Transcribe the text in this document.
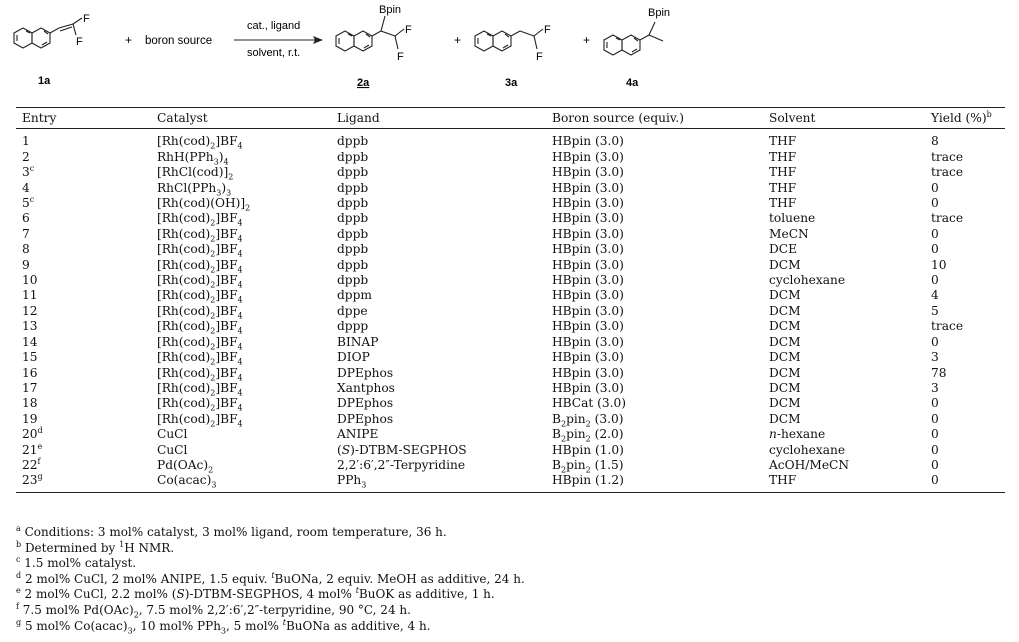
F
F
1a
+ boron source
cat., ligand
solvent, r.t.
Bpin
F
F
2a
+
F
F
3a
+
Bpin
4a
Entry	Catalyst	Ligand	Boron source (equiv.)	Solvent	Yield (%)$^b$
1	$[Rh(cod)_2]BF_4$	dppb	HBpin (3.0)	THF	8
2	$RhH(PPh_3)_4$	dppb	HBpin (3.0)	THF	trace
3$^c$	$[RhCl(cod)]_2$	dppb	HBpin (3.0)	THF	trace
4	$RhCl(PPh_3)_3$	dppb	HBpin (3.0)	THF	0
5$^c$	$[Rh(cod)(OH)]_2$	dppb	HBpin (3.0)	THF	0
6	$[Rh(cod)_2]BF_4$	dppb	HBpin (3.0)	toluene	trace
7	$[Rh(cod)_2]BF_4$	dppb	HBpin (3.0)	MeCN	0
8	$[Rh(cod)_2]BF_4$	dppb	HBpin (3.0)	DCE	0
9	$[Rh(cod)_2]BF_4$	dppb	HBpin (3.0)	DCM	10
10	$[Rh(cod)_2]BF_4$	dppb	HBpin (3.0)	cyclohexane	0
11	$[Rh(cod)_2]BF_4$	dppm	HBpin (3.0)	DCM	4
12	$[Rh(cod)_2]BF_4$	dppe	HBpin (3.0)	DCM	5
13	$[Rh(cod)_2]BF_4$	dppp	HBpin (3.0)	DCM	trace
14	$[Rh(cod)_2]BF_4$	BINAP	HBpin (3.0)	DCM	0
15	$[Rh(cod)_2]BF_4$	DIOP	HBpin (3.0)	DCM	3
16	$[Rh(cod)_2]BF_4$	DPEphos	HBpin (3.0)	DCM	78
17	$[Rh(cod)_2]BF_4$	Xantphos	HBpin (3.0)	DCM	3
18	$[Rh(cod)_2]BF_4$	DPEphos	HBCat (3.0)	DCM	0
19	$[Rh(cod)_2]BF_4$	DPEphos	$B_2pin_2$ (3.0)	DCM	0
20$^d$	CuCl	ANIPE	$B_2pin_2$ (2.0)	n-hexane	0
21e	CuCl	(S)-DTBM-SEGPHOS	HBpin (1.0)	cyclohexane	0
22$^f$	$Pd(OAc)_2$	2,2′:6′,2″-Terpyridine	$B_2pin_2$ (1.5)	AcOH/MeCN	0
23$^g$	$Co(acac)_3$	PPh$_3$	HBpin (1.2)	THF	0
$^a$ Conditions: 3 mol% catalyst, 3 mol% ligand, room temperature, 36 h.
$^b$ Determined by $^1$H NMR.
$^c$ 1.5 mol% catalyst.
$^d$ 2 mol% CuCl, 2 mol% ANIPE, 1.5 equiv. $^t$BuONa, 2 equiv. MeOH as additive, 24 h.
$^e$ 2 mol% CuCl, 2.2 mol% (S)-DTBM-SEGPHOS, 4 mol% $^t$BuOK as additive, 1 h.
$^f$ 7.5 mol% $Pd(OAc)_2$, 7.5 mol% 2,2′:6′,2″-terpyridine, 90 °C, 24 h.
$^g$ 5 mol% $Co(acac)_3$, 10 mol% PPh$_3$, 5 mol% $^t$BuONa as additive, 4 h.
